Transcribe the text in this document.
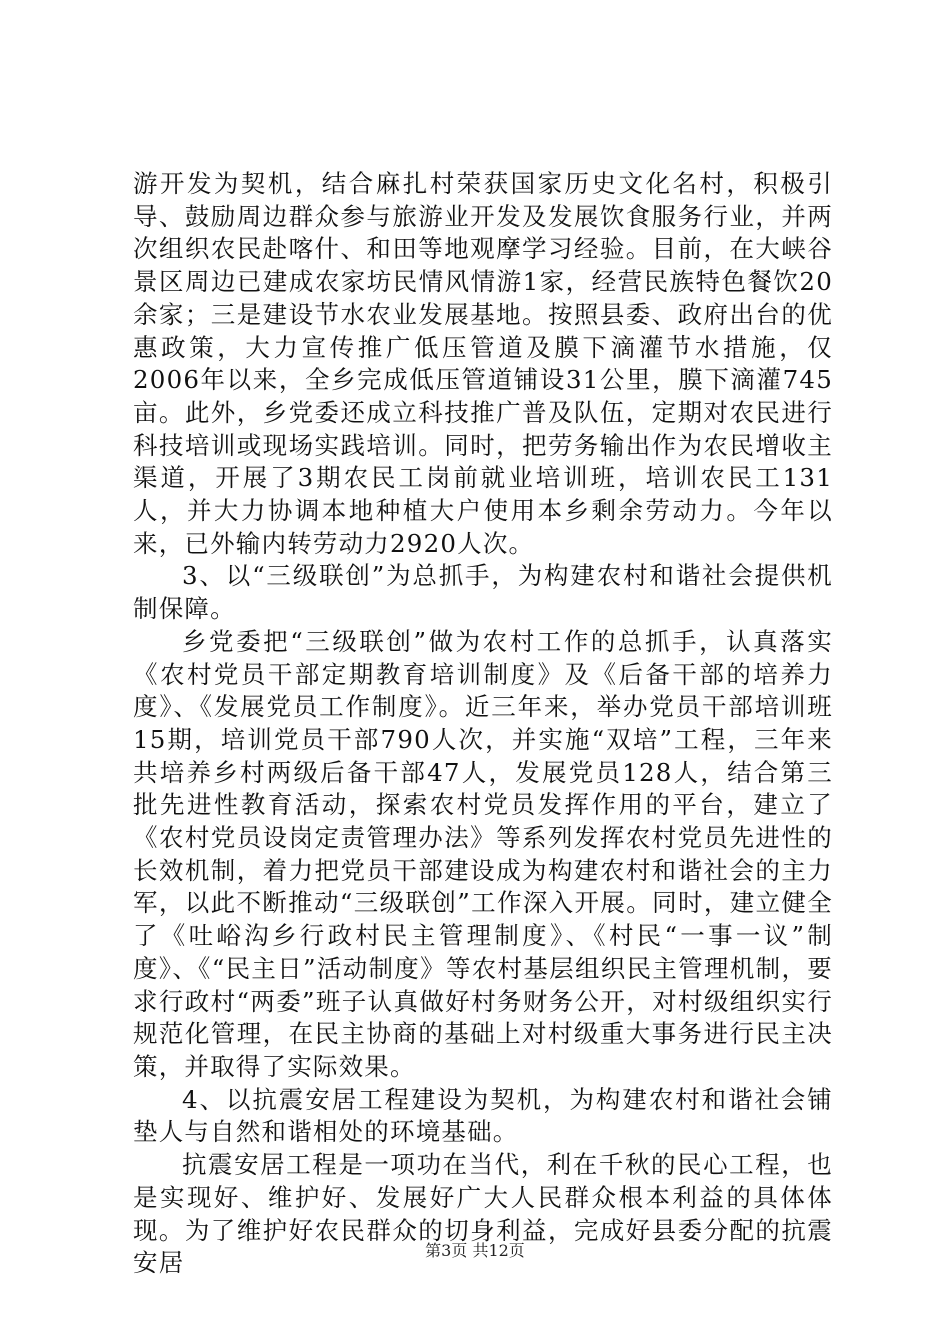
游开发为契机，结合麻扎村荣获国家历史文化名村，积极引导、鼓励周边群众参与旅游业开发及发展饮食服务行业，并两次组织农民赴喀什、和田等地观摩学习经验。目前，在大峡谷景区周边已建成农家坊民情风情游1家，经营民族特色餐饮20余家；三是建设节水农业发展基地。按照县委、政府出台的优惠政策，大力宣传推广低压管道及膜下滴灌节水措施，仅2006年以来，全乡完成低压管道铺设31公里，膜下滴灌745亩。此外，乡党委还成立科技推广普及队伍，定期对农民进行科技培训或现场实践培训。同时，把劳务输出作为农民增收主渠道，开展了3期农民工岗前就业培训班，培训农民工131人，并大力协调本地种植大户使用本乡剩余劳动力。今年以来，已外输内转劳动力2920人次。

3、以“三级联创”为总抓手，为构建农村和谐社会提供机制保障。

乡党委把“三级联创”做为农村工作的总抓手，认真落实《农村党员干部定期教育培训制度》及《后备干部的培养力度》、《发展党员工作制度》。近三年来，举办党员干部培训班15期，培训党员干部790人次，并实施“双培”工程，三年来共培养乡村两级后备干部47人，发展党员128人，结合第三批先进性教育活动，探索农村党员发挥作用的平台，建立了《农村党员设岗定责管理办法》等系列发挥农村党员先进性的长效机制，着力把党员干部建设成为构建农村和谐社会的主力军，以此不断推动“三级联创”工作深入开展。同时，建立健全了《吐峪沟乡行政村民主管理制度》、《村民“一事一议”制度》、《“民主日”活动制度》等农村基层组织民主管理机制，要求行政村“两委”班子认真做好村务财务公开，对村级组织实行规范化管理，在民主协商的基础上对村级重大事务进行民主决策，并取得了实际效果。

4、以抗震安居工程建设为契机，为构建农村和谐社会铺垫人与自然和谐相处的环境基础。

抗震安居工程是一项功在当代，利在千秋的民心工程，也是实现好、维护好、发展好广大人民群众根本利益的具体体现。为了维护好农民群众的切身利益，完成好县委分配的抗震安居	第3页 共12页
